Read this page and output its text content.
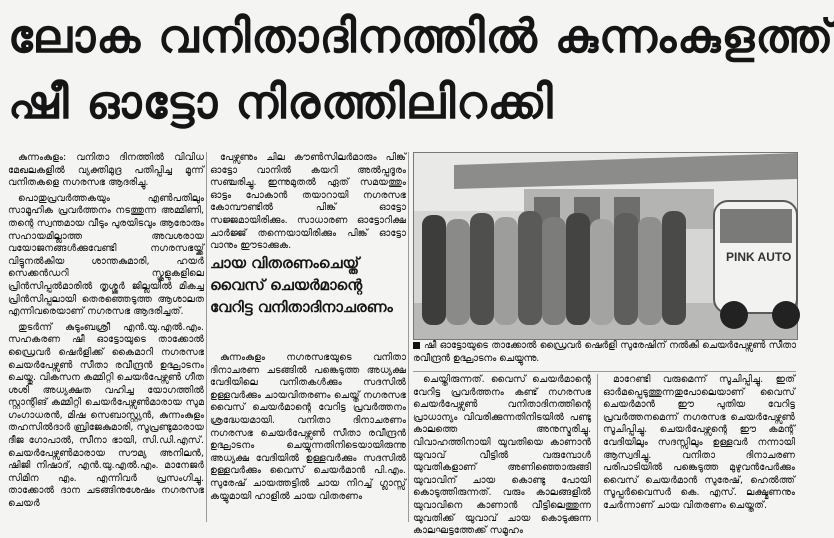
ലോക വനിതാദിനത്തിൽ കുന്നംകുളത്ത്
ഷീ ഓട്ടോ നിരത്തിലിറക്കി

കുന്നംകുളം: വനിതാ ദിനത്തിൽ വിവിധ മേഖലകളിൽ വ്യക്തിമുദ്ര പതിപ്പിച്ച മൂന്ന് വനിതകളെ നഗരസഭ ആദരിച്ചു.

പൊതുപ്രവർത്തകയും എൺപതിലും സാമൂഹിക പ്രവർത്തനം നടത്തുന്ന അമ്മിണി, തന്റെ സ്വന്തമായ വീടും പുരയിടവും ആരോരും സഹായമില്ലാത്ത അവശരായ വയോജനങ്ങൾക്കുവേണ്ടി നഗരസഭയ്ക്ക് വിട്ടുനൽകിയ ശാന്തകുമാരി, ഹയർ സെക്കൻഡറി സ്കൂളുകളിലെ പ്രിൻസിപ്പൽമാരിൽ തൃശ്ശൂർ ജില്ലയിൽ മികച്ച പ്രിൻസിപ്പലായി തെരഞ്ഞെടുത്ത ആശാലത എന്നിവരെയാണ് നഗരസഭ ആദരിച്ചത്.

തുടർന്ന് കുടുംബശ്രീ എൻ.യു.എൽ.എം. സഹകരണ ഷീ ഓട്ടോയുടെ താക്കോൽ ഡ്രൈവർ ഷെർളിക്ക് കൈമാറി നഗരസഭ ചെയർപേഴ്സൺ സീതാ രവീന്ദ്രൻ ഉദ്ഘാടനം ചെയ്തു. വികസന കമ്മിറ്റി ചെയർപേഴ്സൺ ഗീത ശശി അധ്യക്ഷത വഹിച്ച യോഗത്തിൽ സ്റ്റാന്റിങ് കമ്മിറ്റി ചെയർപേഴ്സൺമാരായ സുമ ഗംഗാധരൻ, മിഷ സെബാസ്റ്റ്യൻ, കുന്നംകുളം തഹസിൽദാർ ബ്രിജേകുമാരി, സൂപ്രണ്ടുമാരായ ദീജ ഗോപാൽ, സീനാ ഭായി, സി.ഡി.എസ്. ചെയർപേഴ്സൺമാരായ സൗമ്യ അനിലൻ, ഷിജി നിഷാദ്, എൻ.യു.എൽ.എം. മാനേജർ സിമിന എം. എന്നിവർ പ്രസംഗിച്ചു. താക്കോൽ ദാന ചടങ്ങിനുശേഷം നഗരസഭ ചെയർ

പേഴ്സണും ചില കൗൺസിലർമാരും പിങ്ക് ഓട്ടോ വാനിൽ കയറി അൽപ്പദൂരം സഞ്ചരിച്ചു. ഇന്നുമുതൽ ഏത് സമയത്തും ഓട്ടം പോകാൻ തയാറായി നഗരസഭ കോമ്പൗണ്ടിൽ പിങ്ക് ഓട്ടോ സജ്ജമായിരിക്കും. സാധാരണ ഓട്ടോറിക്ഷ ചാർജ്ജ് തന്നെയായിരിക്കും പിങ്ക് ഓട്ടോ വാനും ഈടാക്കുക.

ചായ വിതരണംചെയ്ത് വൈസ് ചെയർമാന്റെ വേറിട്ട വനിതാദിനാചരണം

കുന്നംകുളം നഗരസഭയുടെ വനിതാ ദിനാചരണ ചടങ്ങിൽ പങ്കെടുത്ത അധ്യക്ഷ വേദിയിലെ വനിതകൾക്കും സദസിൽ ഉള്ളവർക്കും ചായവിതരണം ചെയ്ത് നഗരസഭ വൈസ് ചെയർമാന്റെ വേറിട്ട പ്രവർത്തനം ശ്രദ്ധേയമായി. വനിതാ ദിനാചരണം നഗരസഭ ചെയർപേഴ്സൺ സീതാ രവീന്ദ്രൻ ഉദ്ഘാടനം ചെയ്യുന്നതിനിടെയായിരുന്നു അധ്യക്ഷ വേദിയിൽ ഉള്ളവർക്കും സദസിൽ ഉള്ളവർക്കും വൈസ് ചെയർമാൻ പി.എം. സുരേഷ് ചായത്തട്ടിൽ ചായ നിറച്ച് ഗ്ലാസ്സ് കയ്യുമായി ഹാളിൽ ചായ വിതരണം

PINK AUTO
ഷീ ഓട്ടോയുടെ താക്കോൽ ഡ്രൈവർ ഷെർളി സുരേഷിന് നൽകി ചെയർപേഴ്സൺ സീതാ രവീന്ദ്രൻ ഉദ്ഘാടനം ചെയ്യുന്നു.

ചെയ്തിരുന്നത്. വൈസ് ചെയർമാന്റെ വേറിട്ട പ്രവർത്തനം കണ്ട് നഗരസഭ ചെയർപേഴ്സൺ വനിതാദിനത്തിന്റെ പ്രാധാന്യം വിവരിക്കുന്നതിനിടയിൽ പണ്ടു കാലത്തെ അനുസ്മരിച്ചു. വിവാഹത്തിനായി യുവതിയെ കാണാൻ യുവാവ് വീട്ടിൽ വരുമ്പോൾ യുവതികളാണ് അണിഞ്ഞൊരുങ്ങി യുവാവിന് ചായ കൊണ്ടു പോയി കൊടുത്തിരുന്നത്. വരും കാലങ്ങളിൽ യുവാവിനെ കാണാൻ വീട്ടിലെത്തുന്ന യുവതിക്ക് യുവാവ് ചായ കൊടുക്കുന്ന കാലഘട്ടത്തേക്ക് സമൂഹം

മാറേണ്ടി വരുമെന്ന് സൂചിപ്പിച്ചു. ഇത് ഓർമപ്പെടുത്തുന്നതുപോലെയാണ് വൈസ് ചെയർമാൻ ഈ പുതിയ വേറിട്ട പ്രവർത്തനമെന്ന് നഗരസഭ ചെയർപേഴ്സൺ സൂചിപ്പിച്ചു. ചെയർപേഴ്സന്റെ ഈ കമന്റ് വേദിയിലും സദസ്സിലും ഉള്ളവർ നന്നായി ആസ്വദിച്ചു. വനിതാ ദിനാചരണ പരിപാടിയിൽ പങ്കെടുത്ത മുഴുവൻപേർക്കും വൈസ് ചെയർമാൻ സുരേഷ്, ഹെൽത്ത് സൂപ്പർവൈസർ കെ. എസ്. ലക്ഷ്മണനും ചേർന്നാണ് ചായ വിതരണം ചെയ്തത്.
